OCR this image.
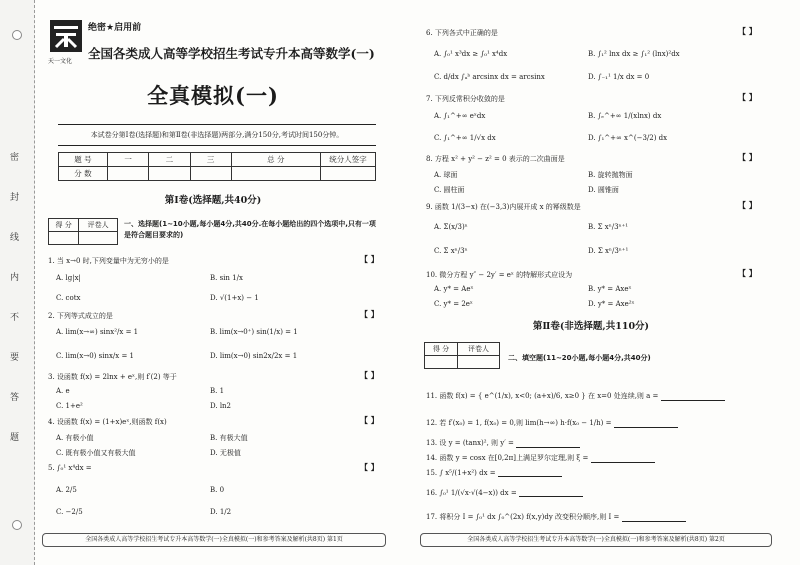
密
封
线
内
不
要
答
题
天一文化
绝密★启用前
全国各类成人高等学校招生考试专升本高等数学(一)
全真模拟(一)
本试卷分第Ⅰ卷(选择题)和第Ⅱ卷(非选择题)两部分,满分150分,考试时间150分钟。
题 号	一	二	三	总 分	统分人签字
分 数					
第Ⅰ卷(选择题,共40分)
得 分	评卷人
	一、选择题(1~10小题,每小题4分,共40分.在每小题给出的四个选项中,只有一项是符合题目要求的)
1. 当 x→0 时,下列变量中为无穷小的是	【 】
A. lg|x|	B. sin 1/x
C. cotx	D. √(1+x) − 1
2. 下列等式成立的是	【 】
A. lim(x→∞) sinx²/x = 1	B. lim(x→0⁺) sin(1/x) = 1
C. lim(x→0) sinx/x = 1	D. lim(x→0) sin2x/2x = 1
3. 设函数 f(x) = 2lnx + eˣ,则 f′(2) 等于	【 】
A. e	B. 1
C. 1+e²	D. ln2
4. 设函数 f(x) = (1+x)eˣ,则函数 f(x)	【 】
A. 有极小值	B. 有极大值
C. 既有极小值又有极大值	D. 无极值
5. ∫₀¹ x⁴dx =	【 】
A. 2/5	B. 0
C. −2/5	D. 1/2
全国各类成人高等学校招生考试专升本高等数学(一)全真模拟(一)和参考答案及解析(共8页) 第1页
6. 下列各式中正确的是	【 】
A. ∫₀¹ x³dx ≥ ∫₀¹ x⁴dx	B. ∫₁² lnx dx ≥ ∫₁² (lnx)²dx
C. d/dx ∫ₐᵇ arcsinx dx = arcsinx	D. ∫₋₁¹ 1/x dx = 0
7. 下列反常积分收敛的是	【 】
A. ∫₁^+∞ eˣdx	B. ∫ₑ^+∞ 1/(xlnx) dx
C. ∫₁^+∞ 1/√x dx	D. ∫₁^+∞ x^(−3/2) dx
8. 方程 x² + y² − z² = 0 表示的二次曲面是	【 】
A. 球面	B. 旋转抛物面
C. 圆柱面	D. 圆锥面
9. 函数 1/(3−x) 在(−3,3)内展开成 x 的幂级数是	【 】
A. Σ(x/3)ⁿ	B. Σ xⁿ/3ⁿ⁺¹
C. Σ xⁿ/3ⁿ	D. Σ xⁿ/3ⁿ⁺¹
10. 微分方程 y″ − 2y′ = eˣ 的特解形式应设为	【 】
A. y* = Aeˣ	B. y* = Axeˣ
C. y* = 2eˣ	D. y* = Axe²ˣ
第Ⅱ卷(非选择题,共110分)
得 分	评卷人

二、填空题(11~20小题,每小题4分,共40分)
11. 函数 f(x) = { e^(1/x), x<0; (a+x)/6, x≥0 } 在 x=0 处连续,则 a =
12. 若 f′(x₀) = 1, f(x₀) = 0,则 lim(h→∞) h·f(x₀ − 1/h) =
13. 设 y = (tanx)², 则 y′ =
14. 函数 y = cosx 在[0,2π]上满足罗尔定理,则 ξ =
15. ∫ x⁵/(1+x²) dx =
16. ∫₀¹ 1/(√x·√(4−x)) dx =
17. 将积分 I = ∫₀¹ dx ∫₀^(2x) f(x,y)dy 改变积分顺序,则 I =
全国各类成人高等学校招生考试专升本高等数学(一)全真模拟(一)和参考答案及解析(共8页) 第2页
